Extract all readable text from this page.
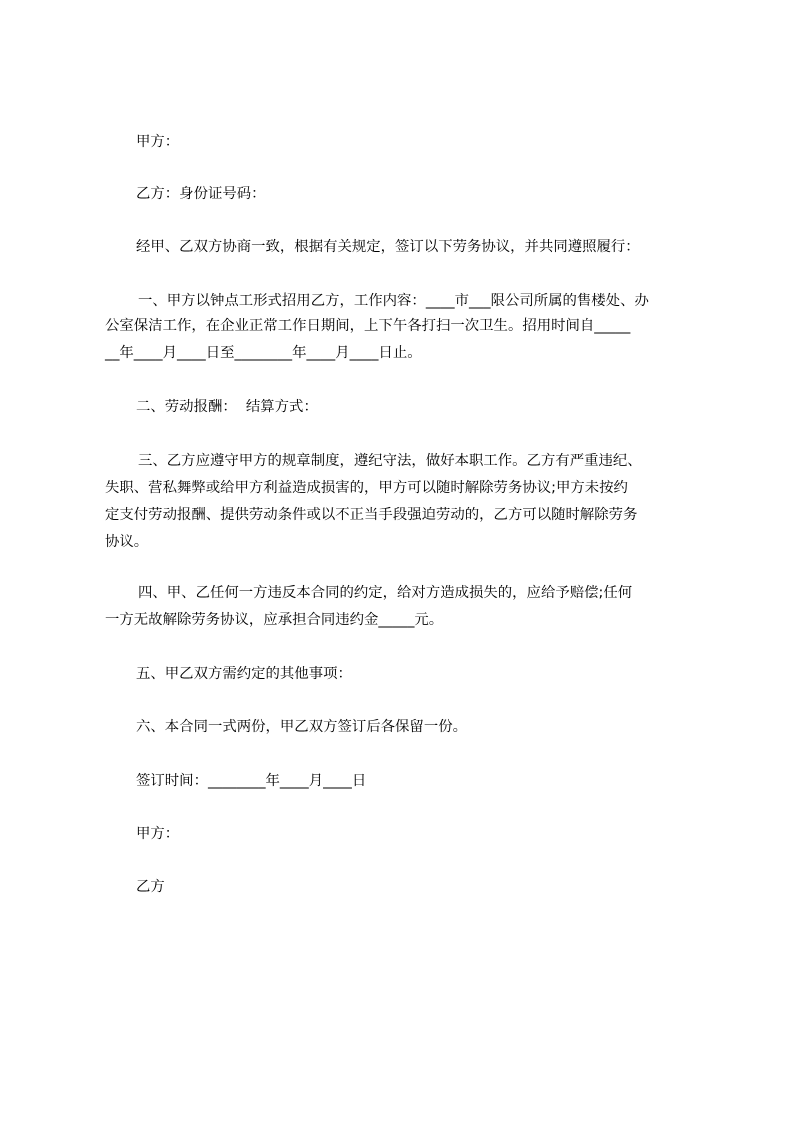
甲方：

乙方：身份证号码：

经甲、乙双方协商一致，根据有关规定，签订以下劳务协议，并共同遵照履行：

一、甲方以钟点工形式招用乙方，工作内容：____市___限公司所属的售楼处、办

公室保洁工作，在企业正常工作日期间，上下午各打扫一次卫生。招用时间自_____

__年____月____日至________年____月____日止。

二、劳动报酬：  结算方式：

三、乙方应遵守甲方的规章制度，遵纪守法，做好本职工作。乙方有严重违纪、

失职、营私舞弊或给甲方利益造成损害的，甲方可以随时解除劳务协议;甲方未按约

定支付劳动报酬、提供劳动条件或以不正当手段强迫劳动的，乙方可以随时解除劳务

协议。

四、甲、乙任何一方违反本合同的约定，给对方造成损失的，应给予赔偿;任何

一方无故解除劳务协议，应承担合同违约金_____元。

五、甲乙双方需约定的其他事项：

六、本合同一式两份，甲乙双方签订后各保留一份。

签订时间：________年____月____日

甲方：

乙方
